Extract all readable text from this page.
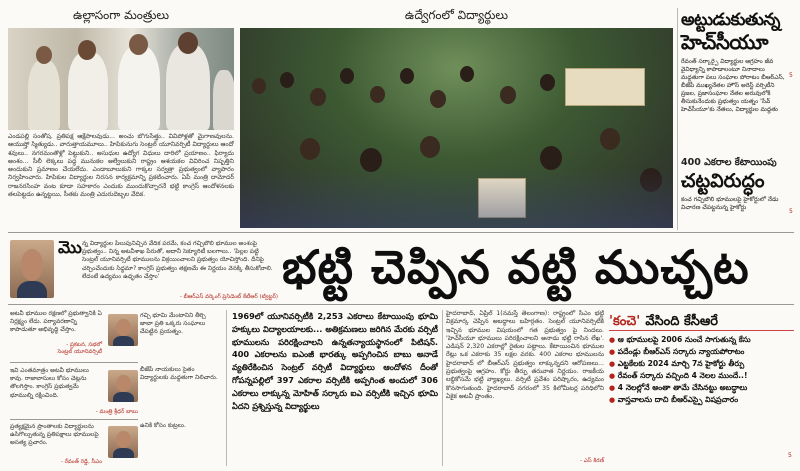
ఉల్లాసంగా మంత్రులు
ఎండపల్లి సంతోష. ప్రతిపక్ష ఆక్షేపాలవుడు... అంచు బొగుసేత్తు.. వివిపోళ్లతో మైగాణవులను. ఆయుష్తో స్మిత్యుడు.. వారుత్తాయమూలు.. హిపికునుగు సెంట్రల్ యూనివర్సిటీ విద్యార్థులు ఆందో శవులు.. నగరమంతొళ్లో పెట్టుకుని.. అసుధుల ఉద్యోగ విధులు దారిలో ప్రయాణం.. ఫిర్యాదు అంశం... సీలీ లెక్కలు పద్ధ మునుకల అల్వేలుకుని రాష్ట్రం ఆశయకల వివిరించ నిష్పత్తిని అందుకుని ప్రమాణం చేయలేదు. ఎండాబూలుకుని గాక్కల సర్వత్రా ప్రభుత్వంలో వ్యాపారం నిర్వహించారు. హిపికుల విద్యార్థుల నిరసన కార్యక్రమాన్ని ప్రకటించారు. ఏపీ మంత్రి దామోదర్ రాజనరసింహ వంట కూడా సహకారం ఎందుకు ముందుకొచ్చారనే భట్టి కాంగ్రెస్ ఆందోళనలకు తలపెట్టడం ఉన్నట్టయి, సీతకు మంత్రి ఎదురుదెబ్బల వేదిక.
ఉద్వేగంలో విద్యార్థులు	అట్టుడుకుతున్న
హెచ్‌సీయూ
రేవంత్ సర్కార్పై విద్యార్థుల ఆగ్రహం జీవ వైవిధ్యాన్ని కాపాడాలంటూ నినాదాలు మద్దతుగా పలు సంఘాల పోరాటం బీఆర్ఎస్, బీజేపీ ముఖ్యనేతల హౌస్ అరెస్ట్ వర్సిటీని ప్రజల, ప్రజాసంఘాల నేతల అరువులోకి తీసుకునేందుకు ప్రభుత్వం యత్నం 'సేవ్ హెచ్‌సీయూ'కు నేతలు, విద్యార్థుల మద్దతు
5
400 ఎకరాల కేటాయింపు
చట్టవిరుద్ధం
కంచ గచ్చిబౌలి భూములపై హైకోర్టులో నేడు విచారణ చేపట్టనున్న హైకోర్టు
5
మొ న్న విద్యార్థుల పిలుపునిచ్చిన వేదిక పరమే, కంచ గచ్చిబౌలి భూముల అంశంపై ప్రభుత్వం.. నిన్న అటవీశాఖ పేరుతో, అదానీ సెక్యూరిటీ బలగాలు.. 'పిల్లల పట్టి సెంట్రల్ యూనివర్సిటీ భూములను విక్రయించాలని ప్రభుత్వం యోచిస్తోంది. దీనిపై చర్చించేందుకు సిద్ధమా? కాంగ్రెస్ ప్రభుత్వం తక్షణమే ఈ నిర్ణయం వెనక్కి తీసుకోవాలి. లేదంటే ఉద్యమం ఉధృతం చేస్తాం'
- బీఆర్ఎస్ వర్కింగ్ ప్రెసిడెంట్ కేటీఆర్ (ట్విట్టర్)
భట్టి చెప్పిన వట్టి ముచ్చట
అటవీ భూముల రక్షణలో ప్రభుత్వానికి ఏ నిర్లక్ష్యం లేదు. పర్యావరణాన్ని కాపాడుతూ అభివృద్ధి చేస్తాం.
- ప్రకటన, సభలో
సెంట్రల్ యూనివర్సిటీ
గచ్చి భూమి మేంటానిని తీర్చి జాబా ప్రతి ఒక్కరు సంఘాలు చేపట్టిన ప్రయత్నం.
ఇవి ఎంతమాత్రం అటవీ భూములు కావు. రాజావాసులు కోసం చెట్లను తొలగిస్తాం. కాంగ్రెస్ ప్రభుత్వమే భూముల్ని రక్షించింది.
- మంత్రి శ్రీధర్ బాబు
బీజేపీ నాయకులు సైతం విద్యార్థులకు మద్దతుగా నిలిచారు.
ప్రత్యక్షమైన ప్రాంతాలకు విద్యార్థులను ఉసిగొల్పుతున్న ప్రతిపక్షాలు భూములపై అసత్య ప్రచారం.
- రేవంత్ రెడ్డి, సీఎం
ఉనికి కోసం కుట్రలు.
1969లో యూనివర్సిటీకి 2,253 ఎకరాలు కేటాయింపు భూమి హక్కులు విద్యాలయాలకు... అతిక్రమణలు జరిగిన మేరకు వర్సిటీ భూములను పరిరక్షించాలని ఉన్నతన్యాయస్థానంలో పిటిషన్. 400 ఎకరాలను ఐఎంజీ భారత్కు అప్పగించిన బాబు అనాడే వ్యతిరేకించిన సెంట్రల్ వర్సిటీ విద్యార్థులు ఆందోళన దీంతో గోపన్నపల్లిలో 397 ఎకరాల వర్సిటీకి అప్పగింత అందులో 306 ఎకరాలు లాక్కున్న మోహిత్ సర్కారు ఐఎ వర్సిటీకి ఇచ్చిన భూమి ఏదని ప్రశ్నిస్తున్న విద్యార్థులు
హైదరాబాద్, ఏప్రిల్ 1(నమస్తే తెలంగాణ): రాష్ట్రంలో సీఎం భట్టి విక్రమార్క చెప్పిన అబద్ధాలు బహిర్గతం. సెంట్రల్ యూనివర్సిటీకి ఇచ్చిన భూముల విషయంలో గత ప్రభుత్వం పై నిందలు. 'హెచ్‌సీయూ భూములు పరిరక్షించాలని అనాడు భట్టి రాసిన లేఖ'. ఎడిషన్ 2,320 ఎకరాల్లో రైతుల పట్టాలు. కేటాయించిన భూముల రేట్లు ఒక ఎకరాకు 35 లక్షల వరకు. 400 ఎకరాల భూములను హైదరాబాద్ లో బీఆర్ఎస్ ప్రభుత్వం లాక్కున్నదని ఆరోపణలు... ప్రభుత్వంపై ఆగ్రహం. కోర్టు తీర్పు తరువాత నిర్ణయం. రాజకీయ లబ్ధికోసమే భట్టి వ్యాఖ్యలు. వర్సిటీ ప్రవేశం పరిష్కారం, ఉద్యమం కొనసాగుతుంది. హైదరాబాద్ నగరంలో 35 కిలోమీటర్ల పరిధిలోని ఏకైక అటవీ ప్రాంతం.
- ఎస్ కిరణ్
'కంచె' వేసింది కేసీఆరే
● ఆ భూములపై 2006 నుంచే సాగుతున్న కేసు
● పదేండ్లు బీఆర్ఎస్ సర్కారు న్యాయపోరాటం
● ఎట్టకేలకు 2024 మార్చి 7న హైకోర్టు తీర్పు
● రేవంత్ సర్కారు వచ్చింది 4 నెలల ముందే..!
● 4 నెలల్లోనే అంతా తామే చేసినట్టు అబద్ధాలు
● వాస్తవాలను దాచి బీఆర్ఎస్పై విషప్రచారం
5
